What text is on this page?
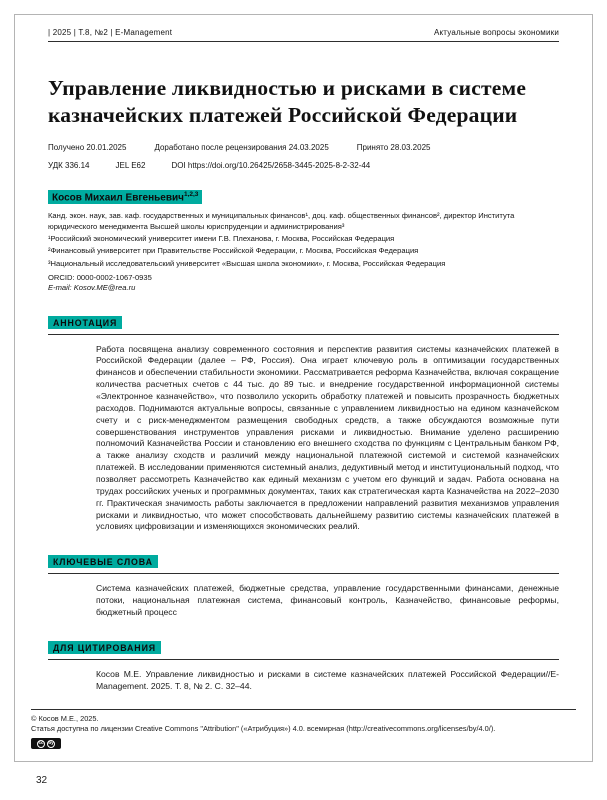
| 2025 | Т.8, №2 | E-Management	Актуальные вопросы экономики
Управление ликвидностью и рисками в системе казначейских платежей Российской Федерации
Получено 20.01.2025	Доработано после рецензирования 24.03.2025	Принято 28.03.2025
УДК 336.14	JEL E62	DOI https://doi.org/10.26425/2658-3445-2025-8-2-32-44
Косов Михаил Евгеньевич$^{1,2,3}$

Канд. экон. наук, зав. каф. государственных и муниципальных финансов¹, доц. каф. общественных финансов², директор Института юридического менеджмента Высшей школы юриспруденции и администрирования³

¹Российский экономический университет имени Г.В. Плеханова, г. Москва, Российская Федерация

²Финансовый университет при Правительстве Российской Федерации, г. Москва, Российская Федерация

³Национальный исследовательский университет «Высшая школа экономики», г. Москва, Российская Федерация

ORCID: 0000-0002-1067-0935

E-mail: Kosov.ME@rea.ru

АННОТАЦИЯ

Работа посвящена анализу современного состояния и перспектив развития системы казначейских платежей в Российской Федерации (далее – РФ, Россия). Она играет ключевую роль в оптимизации государственных финансов и обеспечении стабильности экономики. Рассматривается реформа Казначейства, включая сокращение количества расчетных счетов с 44 тыс. до 89 тыс. и внедрение государственной информационной системы «Электронное казначейство», что позволило ускорить обработку платежей и повысить прозрачность бюджетных расходов. Поднимаются актуальные вопросы, связанные с управлением ликвидностью на едином казначейском счету и с риск-менеджментом размещения свободных средств, а также обсуждаются возможные пути совершенствования инструментов управления рисками и ликвидностью. Внимание уделено расширению полномочий Казначейства России и становлению его внешнего сходства по функциям с Центральным банком РФ, а также анализу сходств и различий между национальной платежной системой и системой казначейских платежей. В исследовании применяются системный анализ, дедуктивный метод и институциональный подход, что позволяет рассмотреть Казначейство как единый механизм с учетом его функций и задач. Работа основана на трудах российских ученых и программных документах, таких как стратегическая карта Казначейства на 2022–2030 гг. Практическая значимость работы заключается в предложении направлений развития механизмов управления рисками и ликвидностью, что может способствовать дальнейшему развитию системы казначейских платежей в условиях цифровизации и изменяющихся экономических реалий.

КЛЮЧЕВЫЕ СЛОВА

Система казначейских платежей, бюджетные средства, управление государственными финансами, денежные потоки, национальная платежная система, финансовый контроль, Казначейство, финансовые реформы, бюджетный процесс

ДЛЯ ЦИТИРОВАНИЯ

Косов М.Е. Управление ликвидностью и рисками в системе казначейских платежей Российской Федерации//E-Management. 2025. Т. 8, № 2. С. 32–44.

© Косов М.Е., 2025.

Статья доступна по лицензии Creative Commons "Attribution" («Атрибуция») 4.0. всемирная (http://creativecommons.org/licenses/by/4.0/).

cc	by
32
